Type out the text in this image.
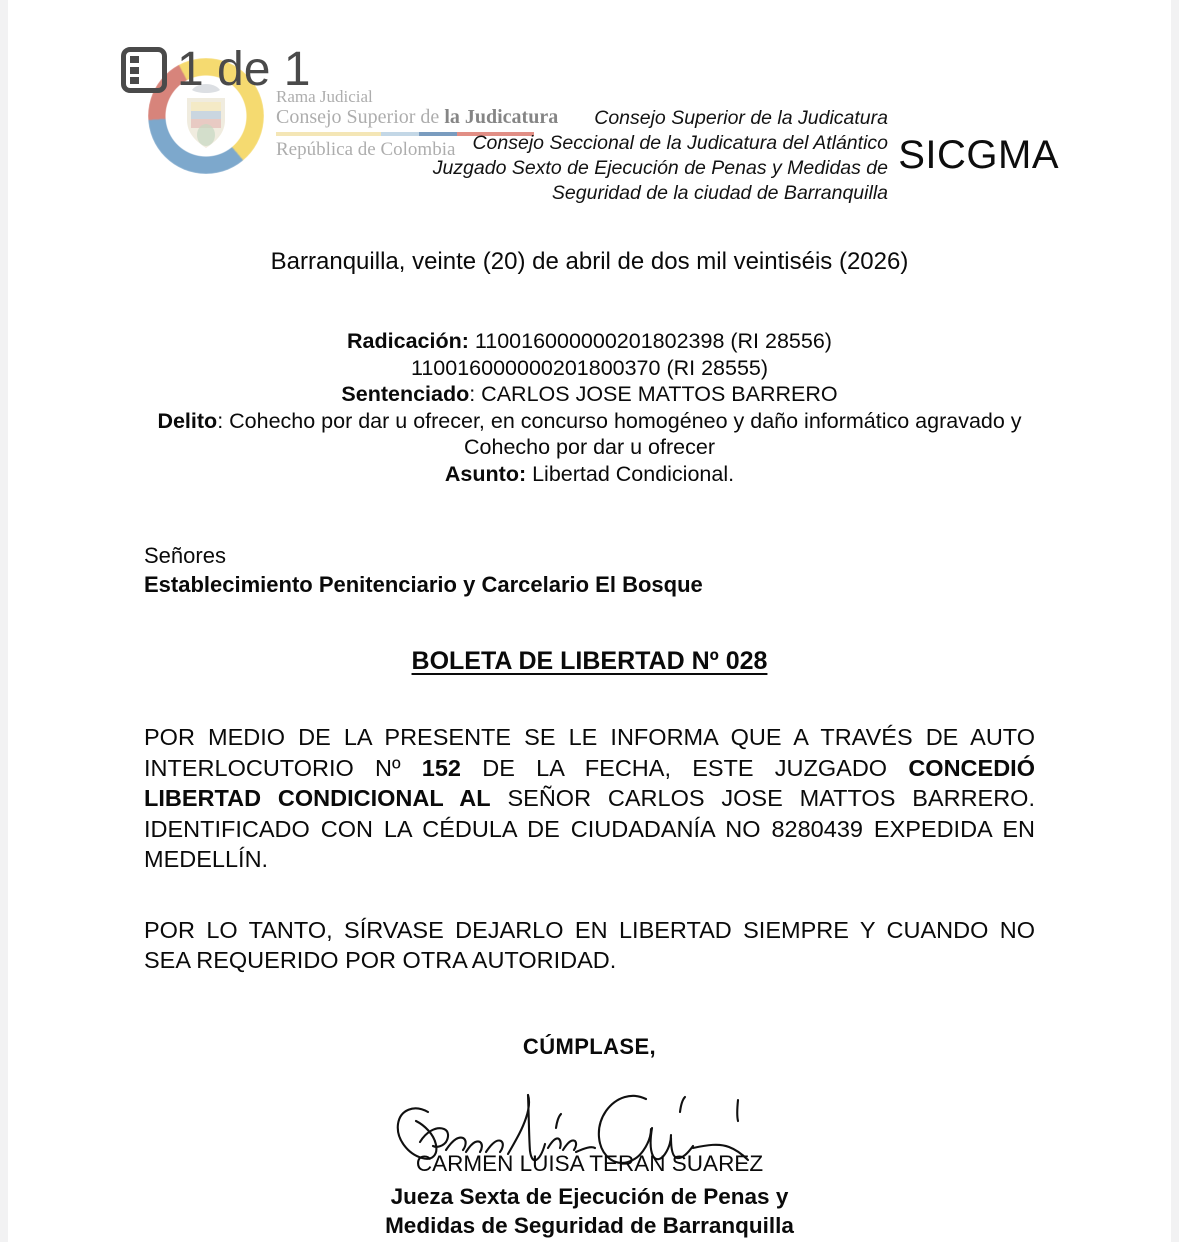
1 de 1
Rama Judicial
Consejo Superior de la Judicatura
República de Colombia
Consejo Superior de la Judicatura
Consejo Seccional de la Judicatura del Atlántico
Juzgado Sexto de Ejecución de Penas y Medidas de
Seguridad de la ciudad de Barranquilla
SICGMA
Barranquilla, veinte (20) de abril de dos mil veintiséis (2026)
Radicación: 110016000000201802398 (RI 28556)
110016000000201800370 (RI 28555)
Sentenciado: CARLOS JOSE MATTOS BARRERO
Delito: Cohecho por dar u ofrecer, en concurso homogéneo y daño informático agravado y
Cohecho por dar u ofrecer
Asunto: Libertad Condicional.
Señores
Establecimiento Penitenciario y Carcelario El Bosque
BOLETA DE LIBERTAD Nº 028
POR MEDIO DE LA PRESENTE SE LE INFORMA QUE A TRAVÉS DE AUTO INTERLOCUTORIO Nº 152 DE LA FECHA, ESTE JUZGADO CONCEDIÓ LIBERTAD CONDICIONAL AL SEÑOR CARLOS JOSE MATTOS BARRERO. IDENTIFICADO CON LA CÉDULA DE CIUDADANÍA NO 8280439 EXPEDIDA EN MEDELLÍN.
POR LO TANTO, SÍRVASE DEJARLO EN LIBERTAD SIEMPRE Y CUANDO NO SEA REQUERIDO POR OTRA AUTORIDAD.
CÚMPLASE,
CARMEN LUISA TERAN SUAREZ
Jueza Sexta de Ejecución de Penas y
Medidas de Seguridad de Barranquilla
